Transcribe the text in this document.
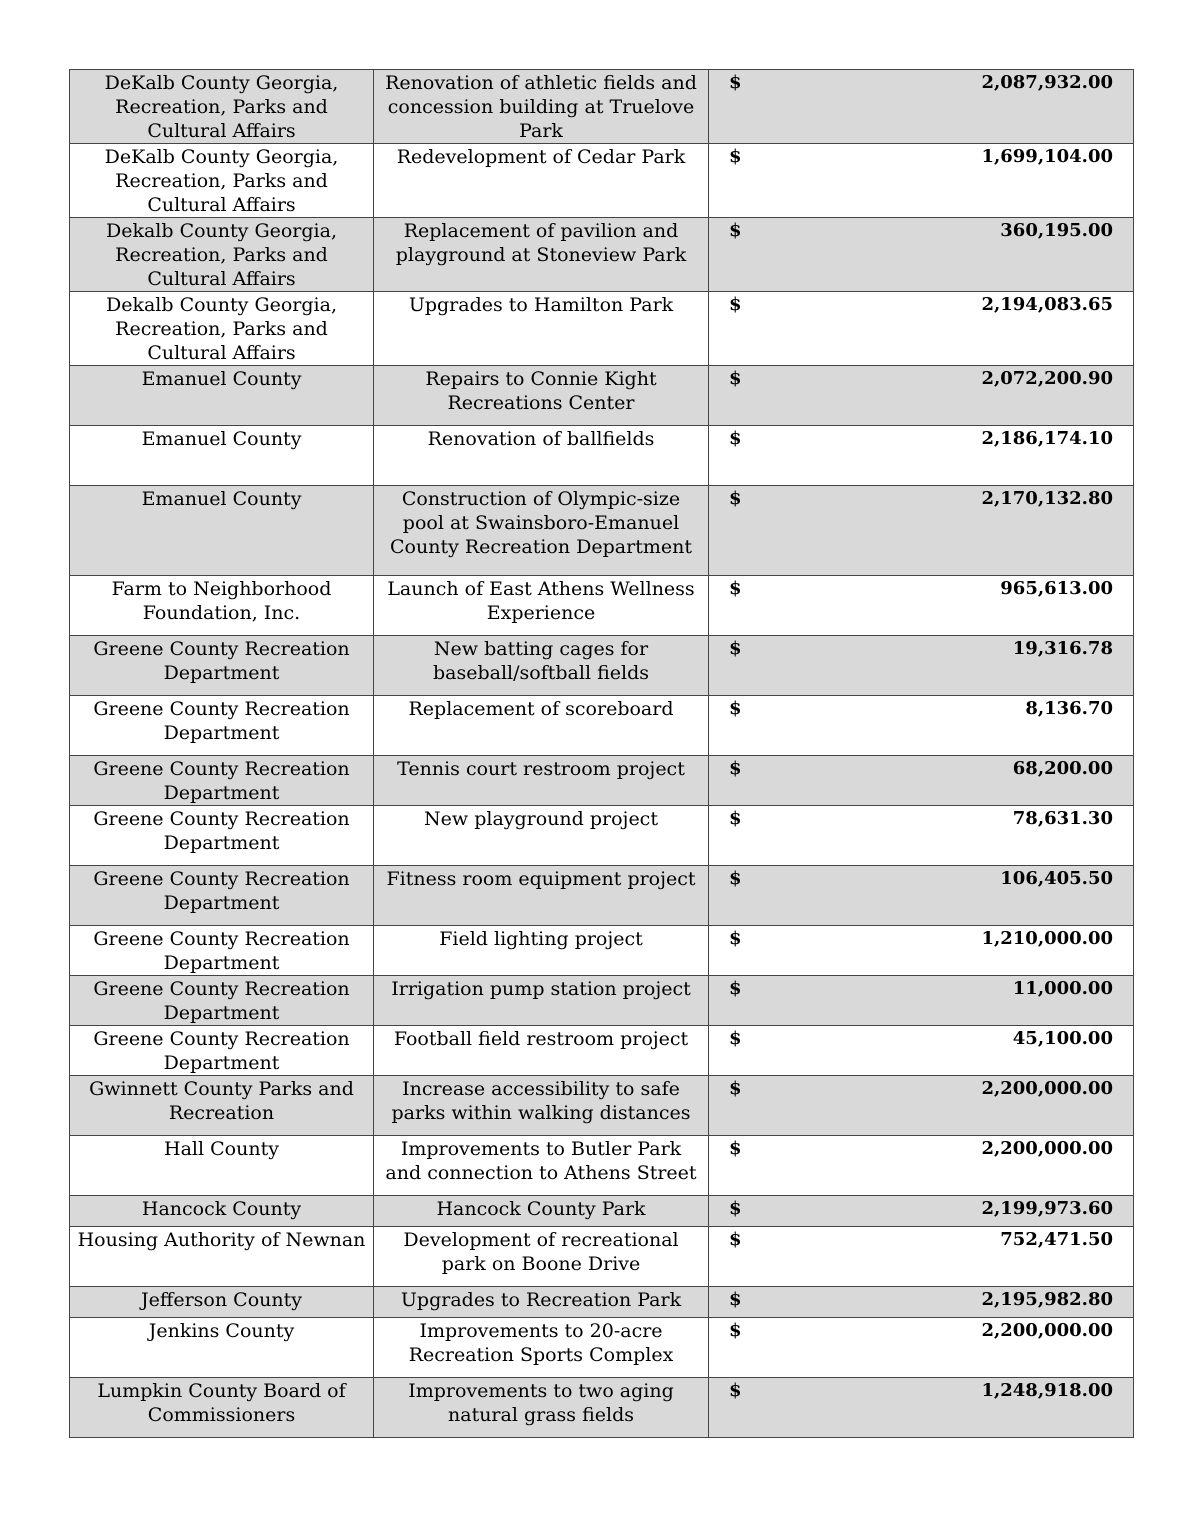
DeKalb County Georgia, Recreation, Parks and Cultural Affairs	Renovation of athletic fields and concession building at Truelove Park	$ 2,087,932.00
DeKalb County Georgia, Recreation, Parks and Cultural Affairs	Redevelopment of Cedar Park	$ 1,699,104.00
Dekalb County Georgia, Recreation, Parks and Cultural Affairs	Replacement of pavilion and playground at Stoneview Park	$ 360,195.00
Dekalb County Georgia, Recreation, Parks and Cultural Affairs	Upgrades to Hamilton Park	$ 2,194,083.65
Emanuel County	Repairs to Connie Kight Recreations Center	$ 2,072,200.90
Emanuel County	Renovation of ballfields	$ 2,186,174.10
Emanuel County	Construction of Olympic-size pool at Swainsboro-Emanuel County Recreation Department	$ 2,170,132.80
Farm to Neighborhood Foundation, Inc.	Launch of East Athens Wellness Experience	$ 965,613.00
Greene County Recreation Department	New batting cages for baseball/softball fields	$ 19,316.78
Greene County Recreation Department	Replacement of scoreboard	$ 8,136.70
Greene County Recreation Department	Tennis court restroom project	$ 68,200.00
Greene County Recreation Department	New playground project	$ 78,631.30
Greene County Recreation Department	Fitness room equipment project	$ 106,405.50
Greene County Recreation Department	Field lighting project	$ 1,210,000.00
Greene County Recreation Department	Irrigation pump station project	$ 11,000.00
Greene County Recreation Department	Football field restroom project	$ 45,100.00
Gwinnett County Parks and Recreation	Increase accessibility to safe parks within walking distances	$ 2,200,000.00
Hall County	Improvements to Butler Park and connection to Athens Street	$ 2,200,000.00
Hancock County	Hancock County Park	$ 2,199,973.60
Housing Authority of Newnan	Development of recreational park on Boone Drive	$ 752,471.50
Jefferson County	Upgrades to Recreation Park	$ 2,195,982.80
Jenkins County	Improvements to 20-acre Recreation Sports Complex	$ 2,200,000.00
Lumpkin County Board of Commissioners	Improvements to two aging natural grass fields	$ 1,248,918.00
